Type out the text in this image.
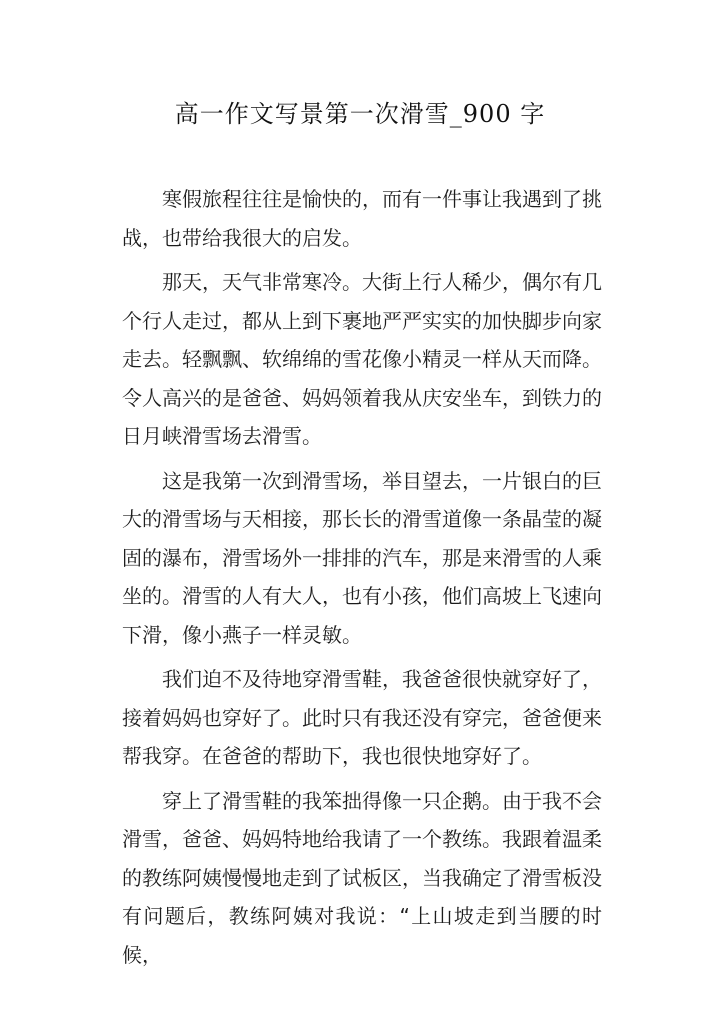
高一作文写景第一次滑雪_900 字

寒假旅程往往是愉快的，而有一件事让我遇到了挑战，也带给我很大的启发。

那天，天气非常寒冷。大街上行人稀少，偶尔有几个行人走过，都从上到下裹地严严实实的加快脚步向家走去。轻飘飘、软绵绵的雪花像小精灵一样从天而降。令人高兴的是爸爸、妈妈领着我从庆安坐车，到铁力的日月峡滑雪场去滑雪。

这是我第一次到滑雪场，举目望去，一片银白的巨大的滑雪场与天相接，那长长的滑雪道像一条晶莹的凝固的瀑布，滑雪场外一排排的汽车，那是来滑雪的人乘坐的。滑雪的人有大人，也有小孩，他们高坡上飞速向下滑，像小燕子一样灵敏。

我们迫不及待地穿滑雪鞋，我爸爸很快就穿好了，接着妈妈也穿好了。此时只有我还没有穿完，爸爸便来帮我穿。在爸爸的帮助下，我也很快地穿好了。

穿上了滑雪鞋的我笨拙得像一只企鹅。由于我不会滑雪，爸爸、妈妈特地给我请了一个教练。我跟着温柔的教练阿姨慢慢地走到了试板区，当我确定了滑雪板没有问题后，教练阿姨对我说：“上山坡走到当腰的时候，
